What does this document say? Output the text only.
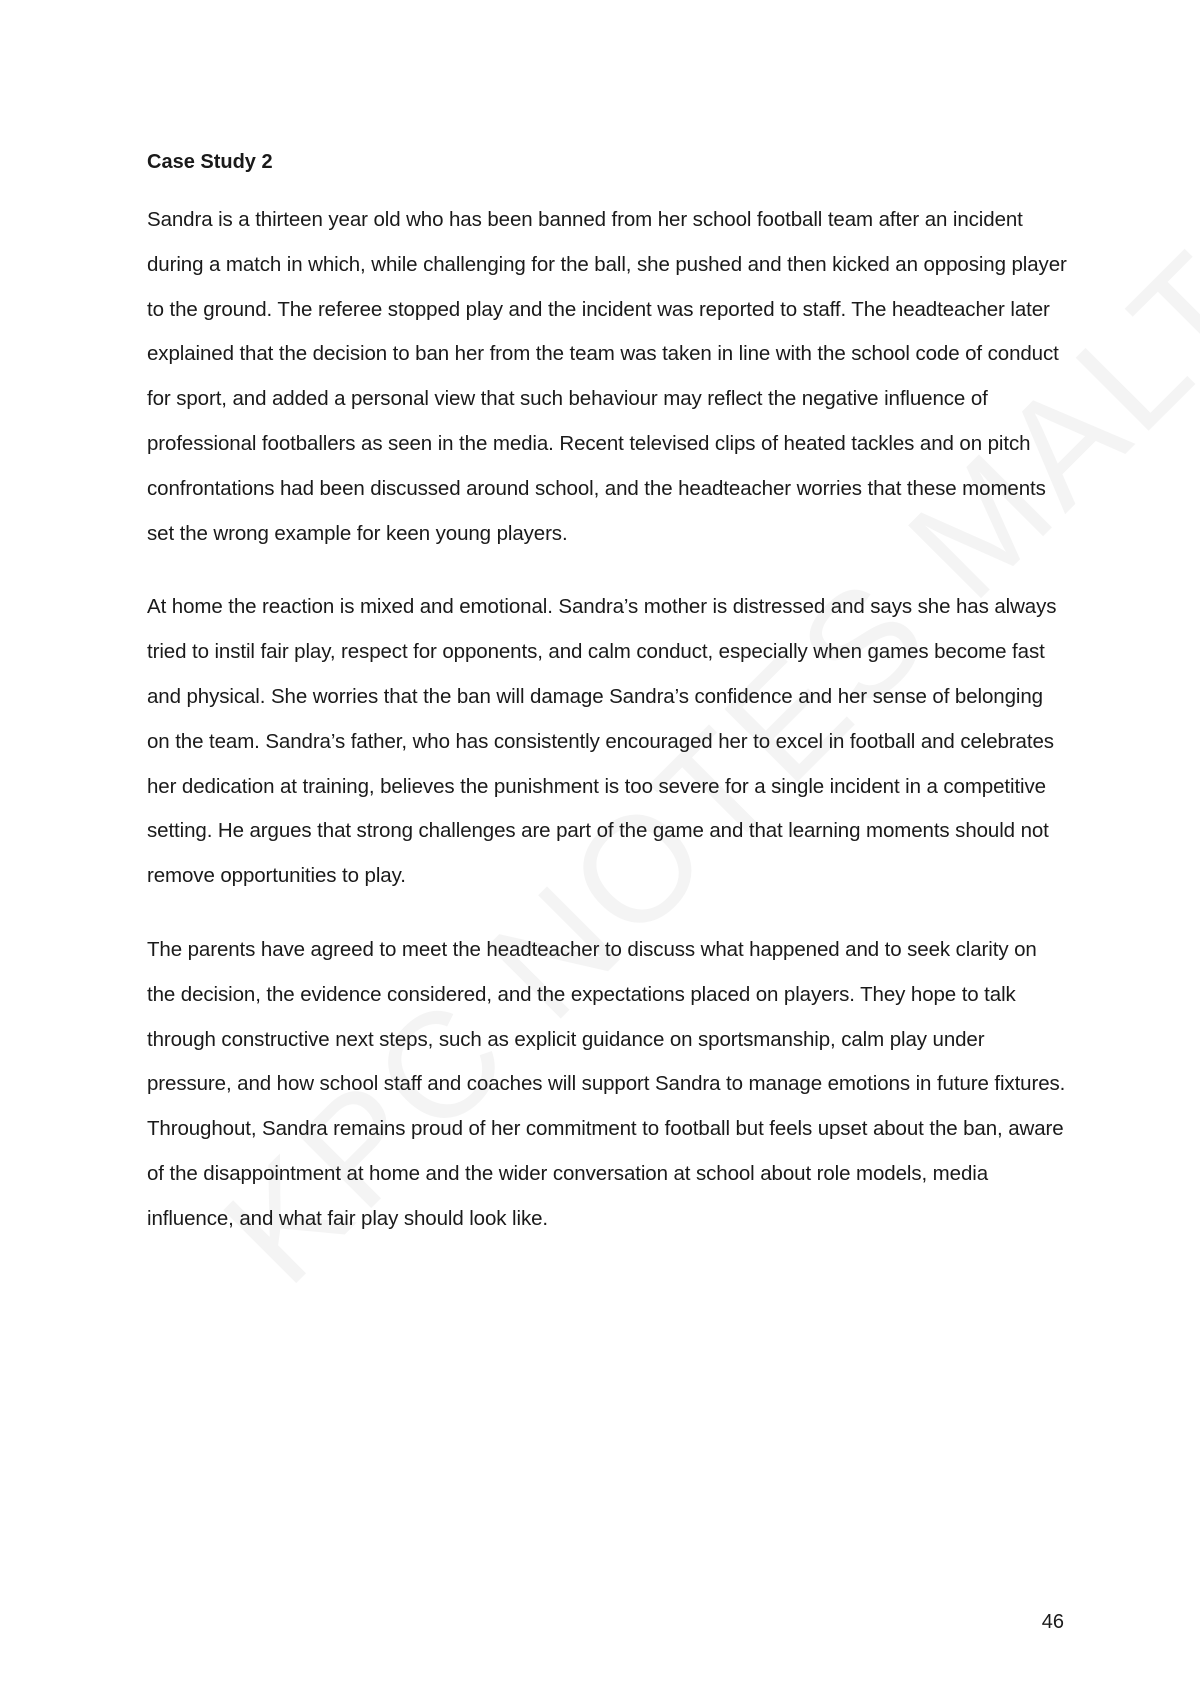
Case Study 2

Sandra is a thirteen year old who has been banned from her school football team after an incident during a match in which, while challenging for the ball, she pushed and then kicked an opposing player to the ground. The referee stopped play and the incident was reported to staff. The headteacher later explained that the decision to ban her from the team was taken in line with the school code of conduct for sport, and added a personal view that such behaviour may reflect the negative influence of professional footballers as seen in the media. Recent televised clips of heated tackles and on pitch confrontations had been discussed around school, and the headteacher worries that these moments set the wrong example for keen young players.

At home the reaction is mixed and emotional. Sandra’s mother is distressed and says she has always tried to instil fair play, respect for opponents, and calm conduct, especially when games become fast and physical. She worries that the ban will damage Sandra’s confidence and her sense of belonging on the team. Sandra’s father, who has consistently encouraged her to excel in football and celebrates her dedication at training, believes the punishment is too severe for a single incident in a competitive setting. He argues that strong challenges are part of the game and that learning moments should not remove opportunities to play.

The parents have agreed to meet the headteacher to discuss what happened and to seek clarity on the decision, the evidence considered, and the expectations placed on players. They hope to talk through constructive next steps, such as explicit guidance on sportsmanship, calm play under pressure, and how school staff and coaches will support Sandra to manage emotions in future fixtures. Throughout, Sandra remains proud of her commitment to football but feels upset about the ban, aware of the disappointment at home and the wider conversation at school about role models, media influence, and what fair play should look like.

46
